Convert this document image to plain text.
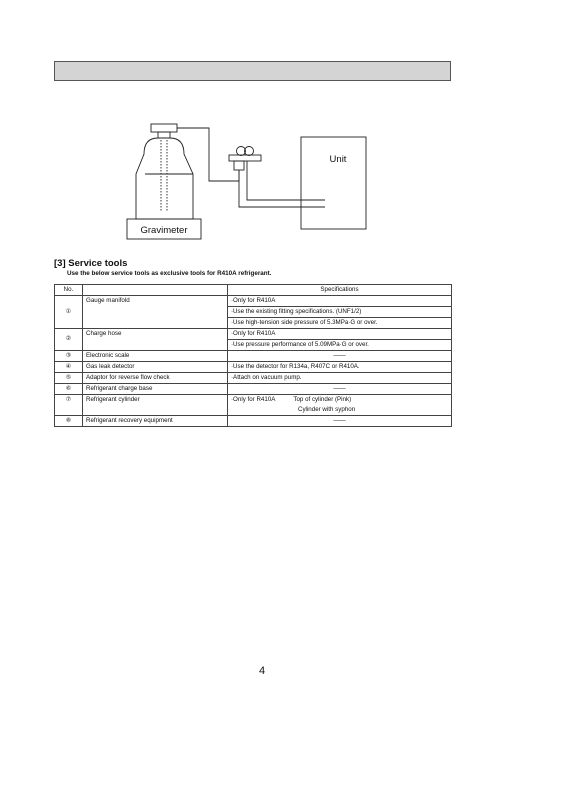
Unit
Gravimeter
[3] Service tools
Use the below service tools as exclusive tools for R410A refrigerant.
No.		Specifications
①	Gauge manifold	·Only for R410A
		·Use the existing fitting specifications. (UNF1/2)
		·Use high-tension side pressure of 5.3MPa·G or over.
②	Charge hose	·Only for R410A
		·Use pressure performance of 5.09MPa·G or over.
③	Electronic scale	——
④	Gas leak detector	·Use the detector for R134a, R407C or R410A.
⑤	Adaptor for reverse flow check	·Attach on vacuum pump.
⑥	Refrigerant charge base	——
⑦	Refrigerant cylinder	·Only for R410A Top of cylinder (Pink)
Cylinder with syphon

⑧	Refrigerant recovery equipment	——
4
